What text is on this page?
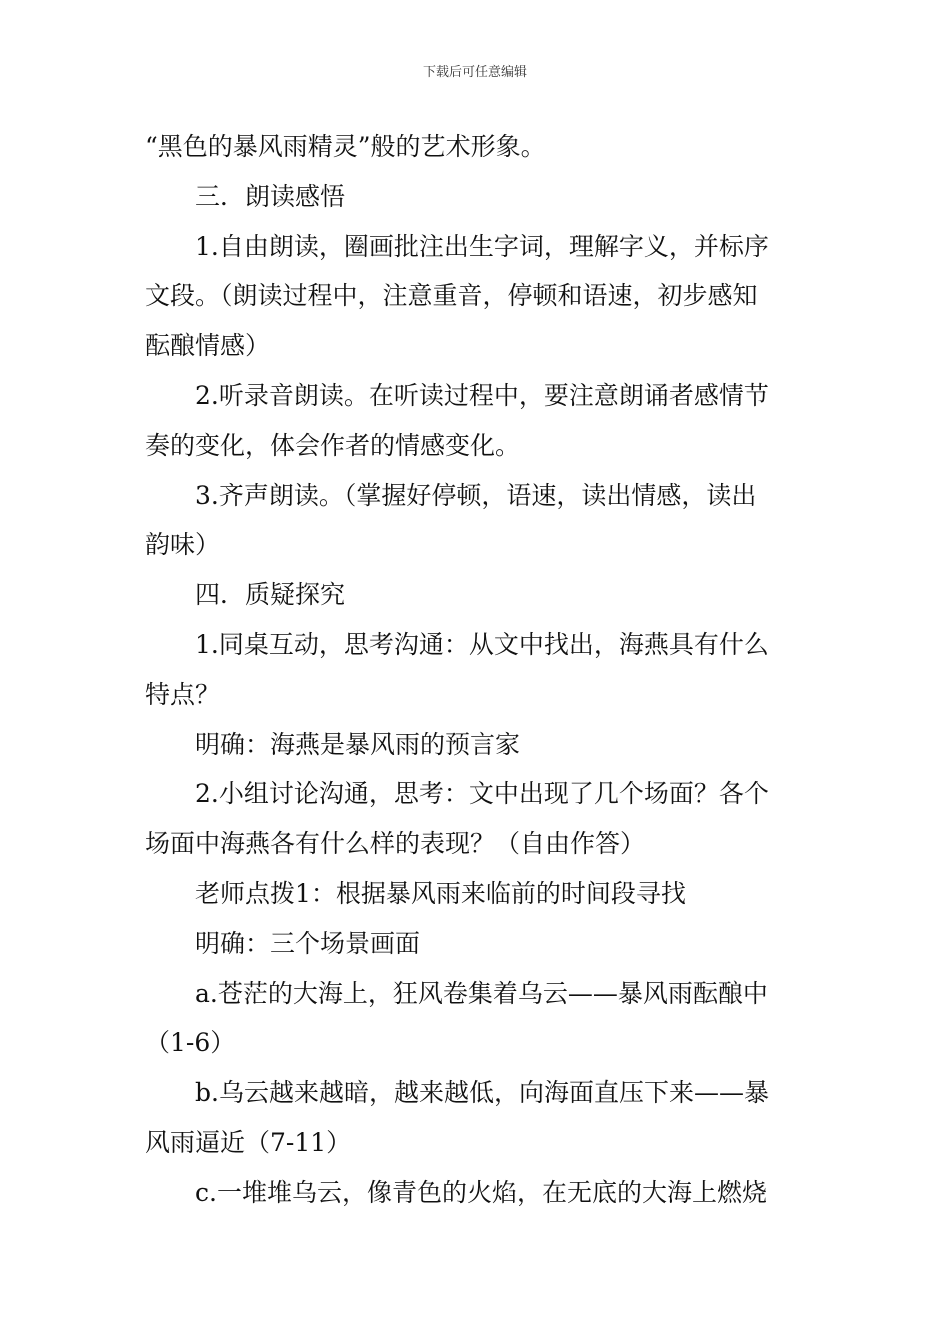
下载后可任意编辑
“黑色的暴风雨精灵”般的艺术形象。
三．朗读感悟
1.自由朗读，圈画批注出生字词，理解字义，并标序
文段。（朗读过程中，注意重音，停顿和语速，初步感知
酝酿情感）
2.听录音朗读。在听读过程中，要注意朗诵者感情节
奏的变化，体会作者的情感变化。
3.齐声朗读。（掌握好停顿，语速，读出情感，读出
韵味）
四．质疑探究
1.同桌互动，思考沟通：从文中找出，海燕具有什么
特点？
明确：海燕是暴风雨的预言家
2.小组讨论沟通，思考：文中出现了几个场面？各个
场面中海燕各有什么样的表现？（自由作答）
老师点拨1：根据暴风雨来临前的时间段寻找
明确：三个场景画面
a.苍茫的大海上，狂风卷集着乌云——暴风雨酝酿中
（1-6）
b.乌云越来越暗，越来越低，向海面直压下来——暴
风雨逼近（7-11）
c.一堆堆乌云，像青色的火焰，在无底的大海上燃烧
